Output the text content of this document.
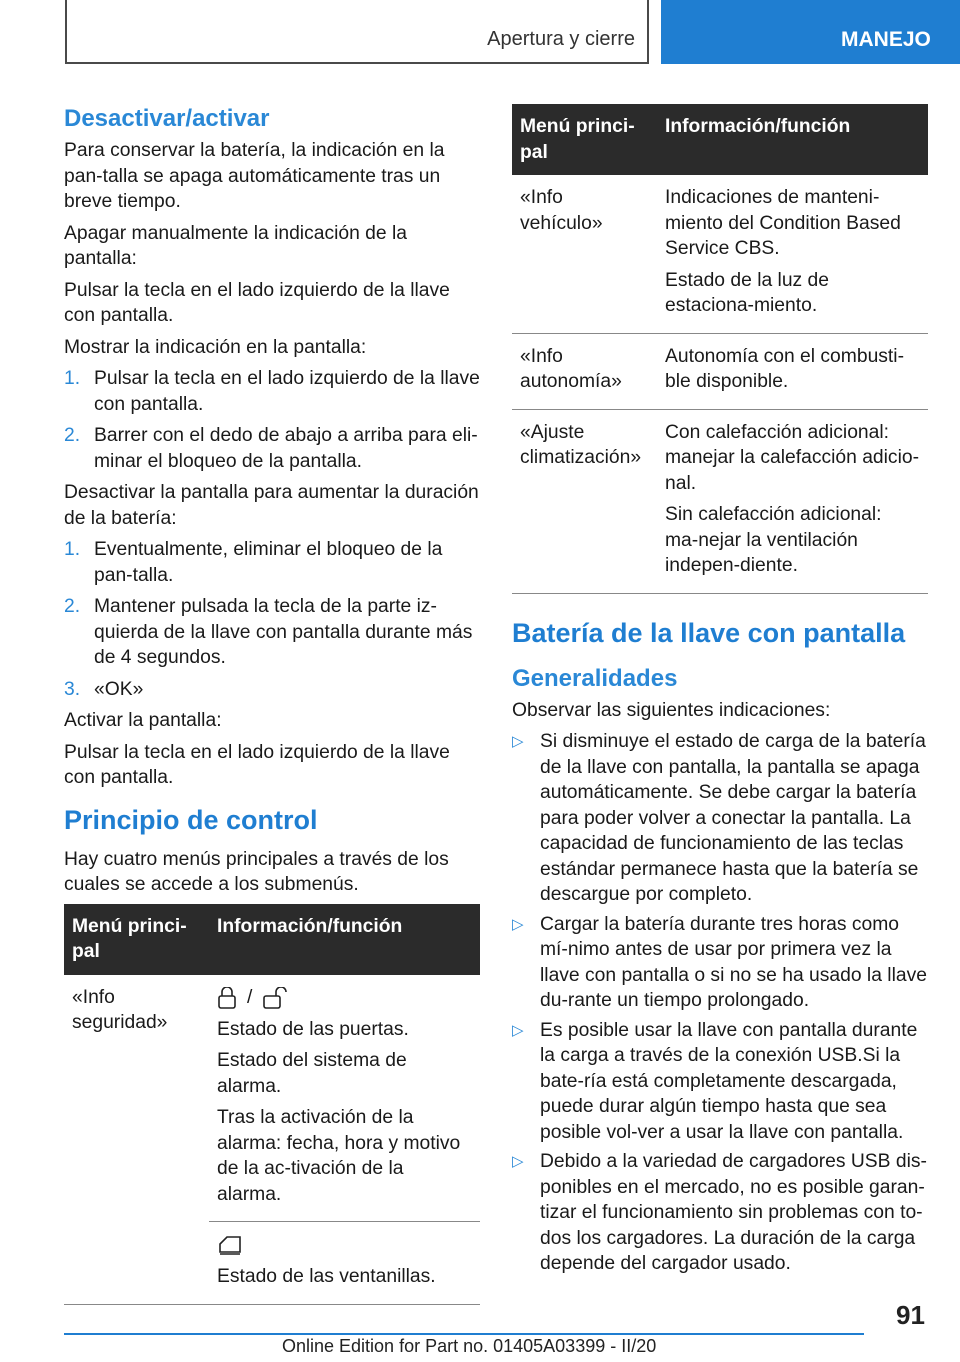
Apertura y cierre	MANEJO
Desactivar/activar

Para conservar la batería, la indicación en la pan-talla se apaga automáticamente tras un breve tiempo.

Apagar manualmente la indicación de la pantalla:

Pulsar la tecla en el lado izquierdo de la llave con pantalla.

Mostrar la indicación en la pantalla:

1. Pulsar la tecla en el lado izquierdo de la llave con pantalla.
2. Barrer con el dedo de abajo a arriba para eli-minar el bloqueo de la pantalla.

Desactivar la pantalla para aumentar la duración de la batería:

1. Eventualmente, eliminar el bloqueo de la pan-talla.
2. Mantener pulsada la tecla de la parte iz-quierda de la llave con pantalla durante más de 4 segundos.
3. «OK»

Activar la pantalla:

Pulsar la tecla en el lado izquierdo de la llave con pantalla.

Principio de control

Hay cuatro menús principales a través de los cuales se accede a los submenús.

Menú princi-pal	Información/función
«Info seguridad»	/

Estado de las puertas.

Estado del sistema de alarma.

Tras la activación de la alarma: fecha, hora y motivo de la ac-tivación de la alarma.

	Estado de las ventanillas.

Menú princi-pal	Información/función
«Info vehículo»	Indicaciones de manteni-miento del Condition Based Service CBS.

Estado de la luz de estaciona-miento.

«Info autonomía»	Autonomía con el combusti-ble disponible.

«Ajuste climatización»	Con calefacción adicional: manejar la calefacción adicio-nal.

Sin calefacción adicional: ma-nejar la ventilación indepen-diente.

Batería de la llave con pantalla
Generalidades

Observar las siguientes indicaciones:

▷ Si disminuye el estado de carga de la batería de la llave con pantalla, la pantalla se apaga automáticamente. Se debe cargar la batería para poder volver a conectar la pantalla. La capacidad de funcionamiento de las teclas estándar permanece hasta que la batería se descargue por completo.
▷ Cargar la batería durante tres horas como mí-nimo antes de usar por primera vez la llave con pantalla o si no se ha usado la llave du-rante un tiempo prolongado.
▷ Es posible usar la llave con pantalla durante la carga a través de la conexión USB.Si la bate-ría está completamente descargada, puede durar algún tiempo hasta que sea posible vol-ver a usar la llave con pantalla.
▷ Debido a la variedad de cargadores USB dis-ponibles en el mercado, no es posible garan-tizar el funcionamiento sin problemas con to-dos los cargadores. La duración de la carga depende del cargador usado.
91
Online Edition for Part no. 01405A03399 - II/20
